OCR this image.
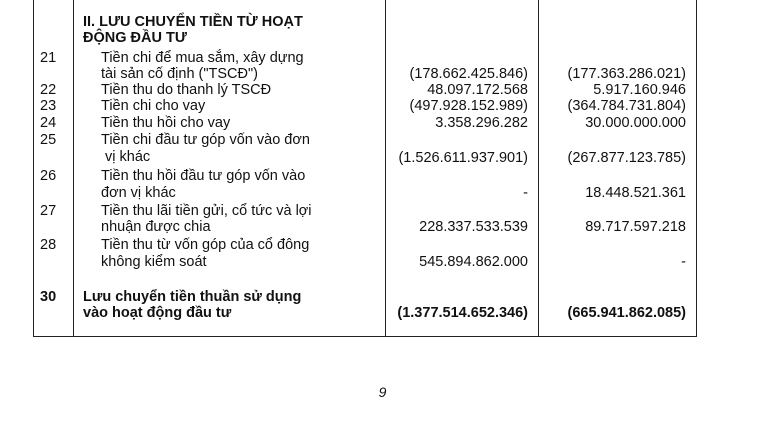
II. LƯU CHUYỂN TIỀN TỪ HOẠT
ĐỘNG ĐẦU TƯ
21	Tiền chi để mua sắm, xây dựng
tài sản cố định ("TSCĐ")	(178.662.425.846)	(177.363.286.021)
22	Tiền thu do thanh lý TSCĐ	48.097.172.568	5.917.160.946
23	Tiền chi cho vay	(497.928.152.989)	(364.784.731.804)
24	Tiền thu hồi cho vay	3.358.296.282	30.000.000.000
25	Tiền chi đầu tư góp vốn vào đơn
vị khác	(1.526.611.937.901)	(267.877.123.785)
26	Tiền thu hồi đầu tư góp vốn vào
đơn vị khác	-	18.448.521.361
27	Tiền thu lãi tiền gửi, cổ tức và lợi
nhuận được chia	228.337.533.539	89.717.597.218
28	Tiền thu từ vốn góp của cổ đông
không kiểm soát	545.894.862.000	-
30 Lưu chuyển tiền thuần sử dụng
vào hoạt động đầu tư	(1.377.514.652.346)	(665.941.862.085)
9
